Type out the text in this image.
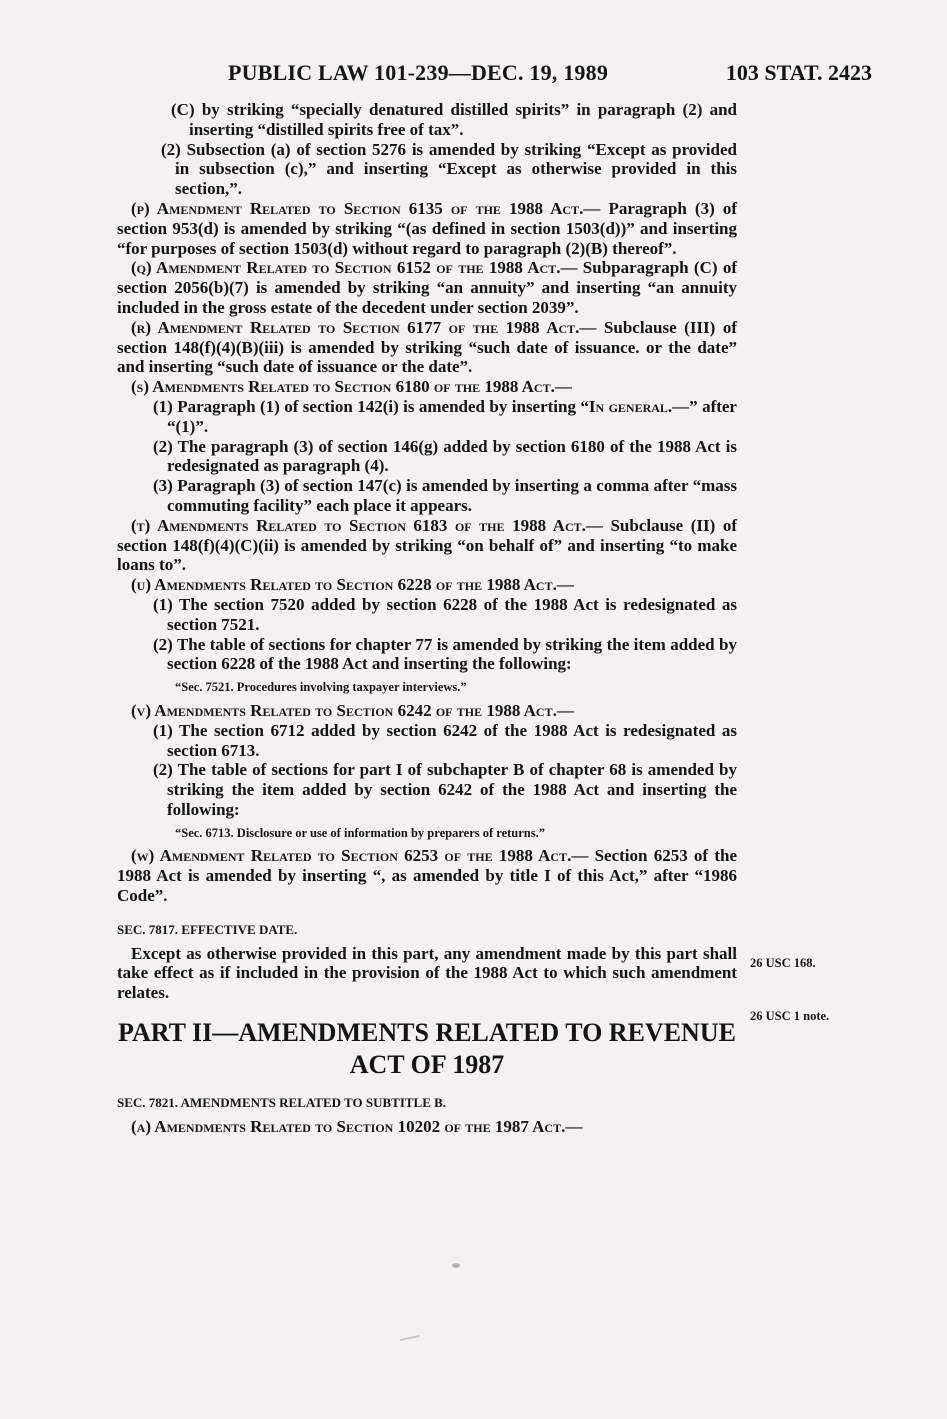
PUBLIC LAW 101-239—DEC. 19, 1989	103 STAT. 2423

(C) by striking “specially denatured distilled spirits” in paragraph (2) and inserting “distilled spirits free of tax”.

(2) Subsection (a) of section 5276 is amended by striking “Except as provided in subsection (c),” and inserting “Except as otherwise provided in this section,”.

(p) Amendment Related to Section 6135 of the 1988 Act.— Paragraph (3) of section 953(d) is amended by striking “(as defined in section 1503(d))” and inserting “for purposes of section 1503(d) without regard to paragraph (2)(B) thereof”.

(q) Amendment Related to Section 6152 of the 1988 Act.— Subparagraph (C) of section 2056(b)(7) is amended by striking “an annuity” and inserting “an annuity included in the gross estate of the decedent under section 2039”.

(r) Amendment Related to Section 6177 of the 1988 Act.— Subclause (III) of section 148(f)(4)(B)(iii) is amended by striking “such date of issuance. or the date” and inserting “such date of issuance or the date”.

(s) Amendments Related to Section 6180 of the 1988 Act.—

(1) Paragraph (1) of section 142(i) is amended by inserting “In general.—” after “(1)”.

(2) The paragraph (3) of section 146(g) added by section 6180 of the 1988 Act is redesignated as paragraph (4).

(3) Paragraph (3) of section 147(c) is amended by inserting a comma after “mass commuting facility” each place it appears.

(t) Amendments Related to Section 6183 of the 1988 Act.— Subclause (II) of section 148(f)(4)(C)(ii) is amended by striking “on behalf of” and inserting “to make loans to”.

(u) Amendments Related to Section 6228 of the 1988 Act.—

(1) The section 7520 added by section 6228 of the 1988 Act is redesignated as section 7521.

(2) The table of sections for chapter 77 is amended by striking the item added by section 6228 of the 1988 Act and inserting the following:

“Sec. 7521. Procedures involving taxpayer interviews.”

(v) Amendments Related to Section 6242 of the 1988 Act.—

(1) The section 6712 added by section 6242 of the 1988 Act is redesignated as section 6713.

(2) The table of sections for part I of subchapter B of chapter 68 is amended by striking the item added by section 6242 of the 1988 Act and inserting the following:

“Sec. 6713. Disclosure or use of information by preparers of returns.”

(w) Amendment Related to Section 6253 of the 1988 Act.— Section 6253 of the 1988 Act is amended by inserting “, as amended by title I of this Act,” after “1986 Code”.

SEC. 7817. EFFECTIVE DATE.

Except as otherwise provided in this part, any amendment made by this part shall take effect as if included in the provision of the 1988 Act to which such amendment relates.

PART II—AMENDMENTS RELATED TO REVENUE ACT OF 1987

SEC. 7821. AMENDMENTS RELATED TO SUBTITLE B.

(a) Amendments Related to Section 10202 of the 1987 Act.—

26 USC 168.
26 USC 1 note.
